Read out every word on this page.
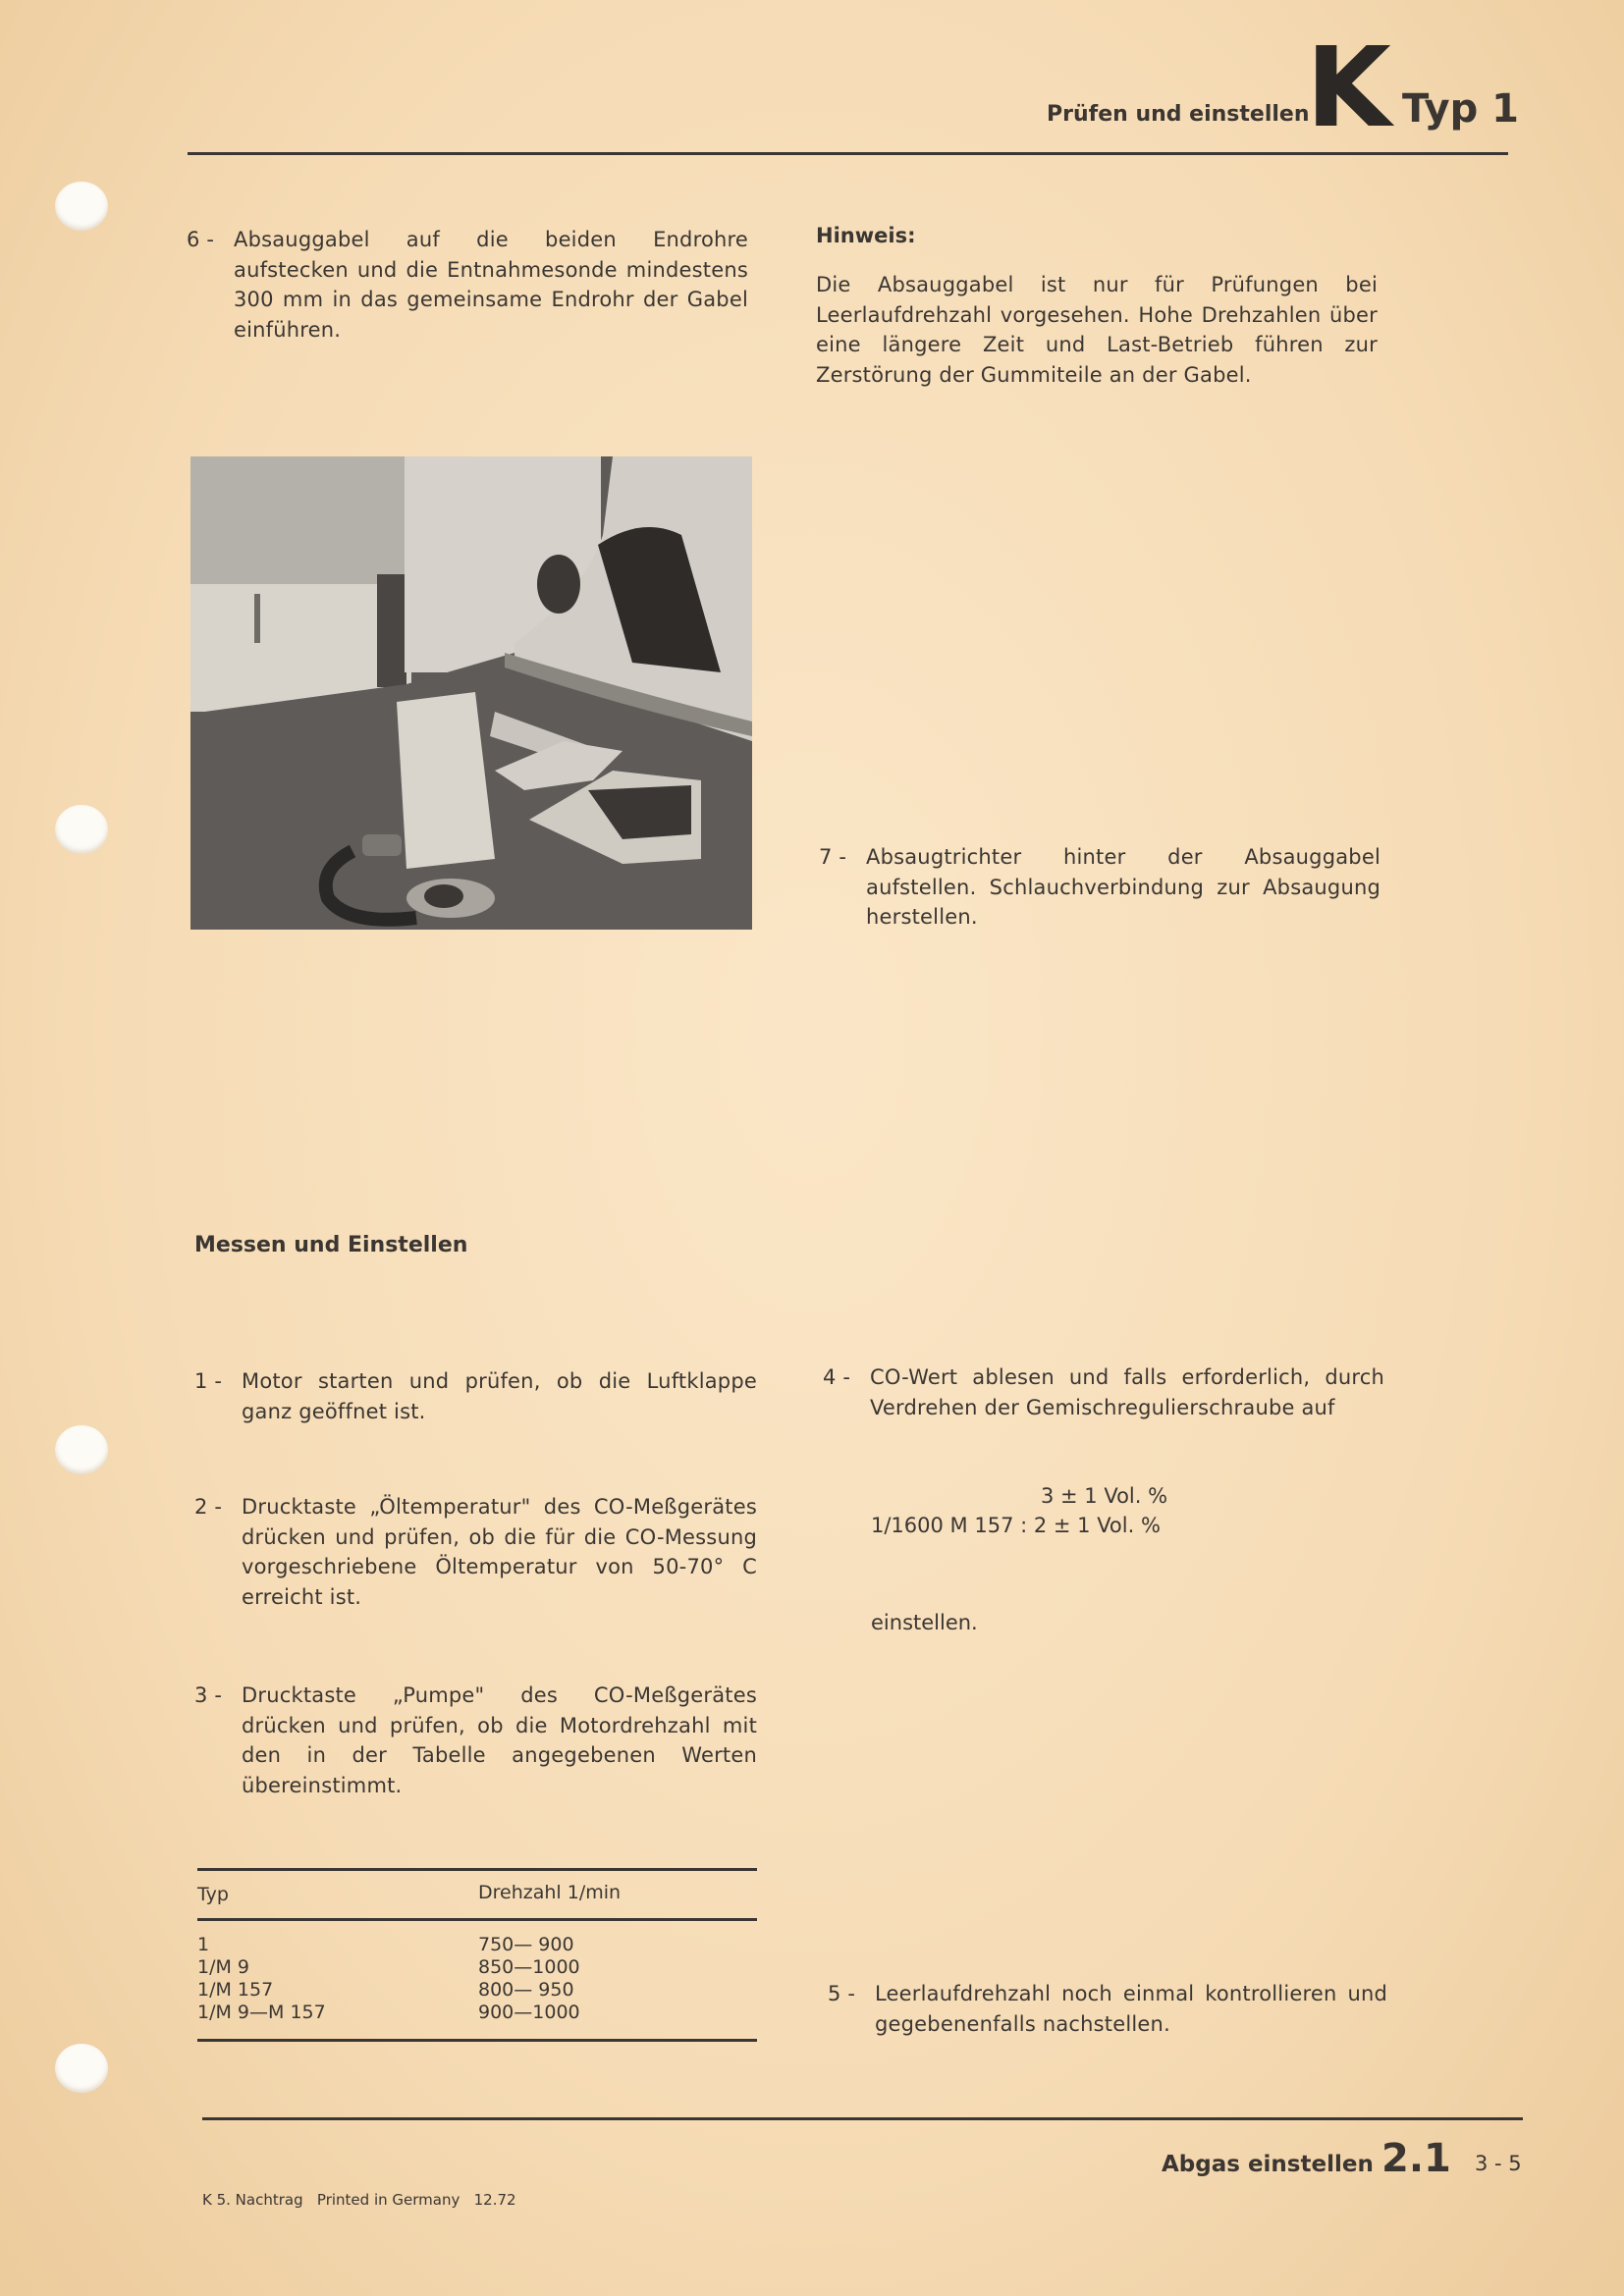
Prüfen und einstellen
K Typ 1
6 - Absauggabel auf die beiden Endrohre aufstecken und die Entnahmesonde mindestens 300 mm in das gemeinsame Endrohr der Gabel einführen.
Hinweis:
Die Absauggabel ist nur für Prüfungen bei Leerlaufdrehzahl vorgesehen. Hohe Drehzahlen über eine längere Zeit und Last-Betrieb führen zur Zerstörung der Gummiteile an der Gabel.
7 - Absaugtrichter hinter der Absauggabel aufstellen. Schlauchverbindung zur Absaugung herstellen.
Messen und Einstellen
1 - Motor starten und prüfen, ob die Luftklappe ganz geöffnet ist.
2 - Drucktaste „Öltemperatur" des CO-Meßgerätes drücken und prüfen, ob die für die CO-Messung vorgeschriebene Öltemperatur von 50-70° C erreicht ist.
3 - Drucktaste „Pumpe" des CO-Meßgerätes drücken und prüfen, ob die Motordrehzahl mit den in der Tabelle angegebenen Werten übereinstimmt.
4 - CO-Wert ablesen und falls erforderlich, durch Verdrehen der Gemischregulierschraube auf
3 ± 1 Vol. %
1/1600 M 157 : 2 ± 1 Vol. %
einstellen.
Typ	Drehzahl 1/min
1	750— 900
1/M 9	850—1000
1/M 157	800— 950
1/M 9—M 157	900—1000
5 - Leerlaufdrehzahl noch einmal kontrollieren und gegebenenfalls nachstellen.
Abgas einstellen 2.1 3 - 5
K 5. Nachtrag   Printed in Germany   12.72
